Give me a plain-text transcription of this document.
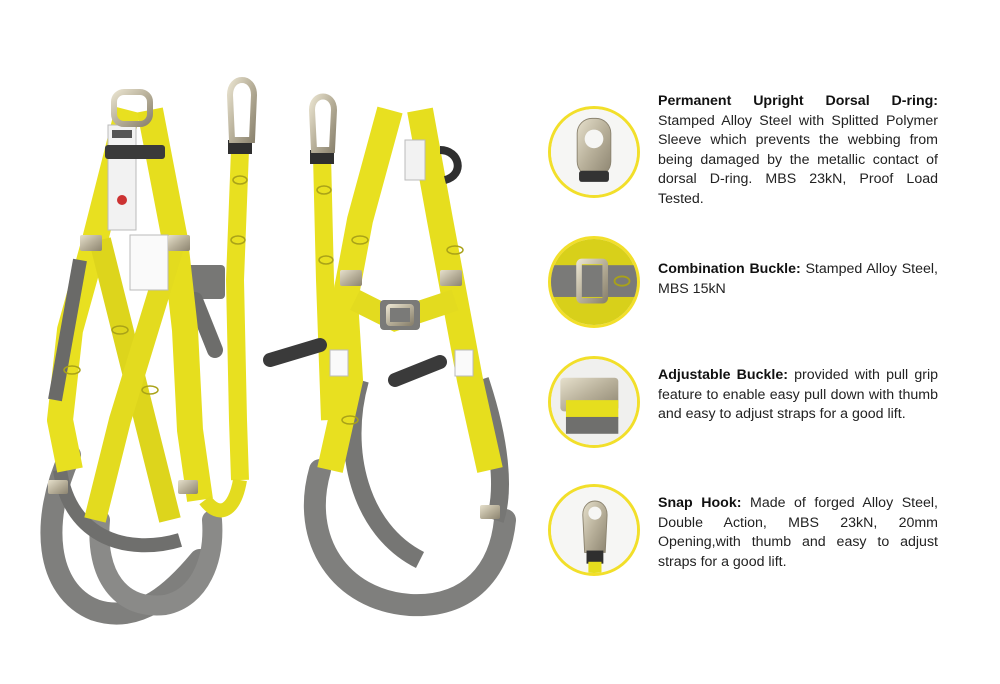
Permanent Upright Dorsal D-ring: Stamped Alloy Steel with Splitted Polymer Sleeve which prevents the webbing from being damaged by the metallic contact of dorsal D-ring. MBS 23kN, Proof Load Tested.
Combination Buckle: Stamped Alloy Steel, MBS 15kN
Adjustable Buckle: provided with pull grip feature to enable easy pull down with thumb and easy to adjust straps for a good lift.
Snap Hook: Made of forged Alloy Steel, Double Action, MBS 23kN, 20mm Opening,with thumb and easy to adjust straps for a good lift.
